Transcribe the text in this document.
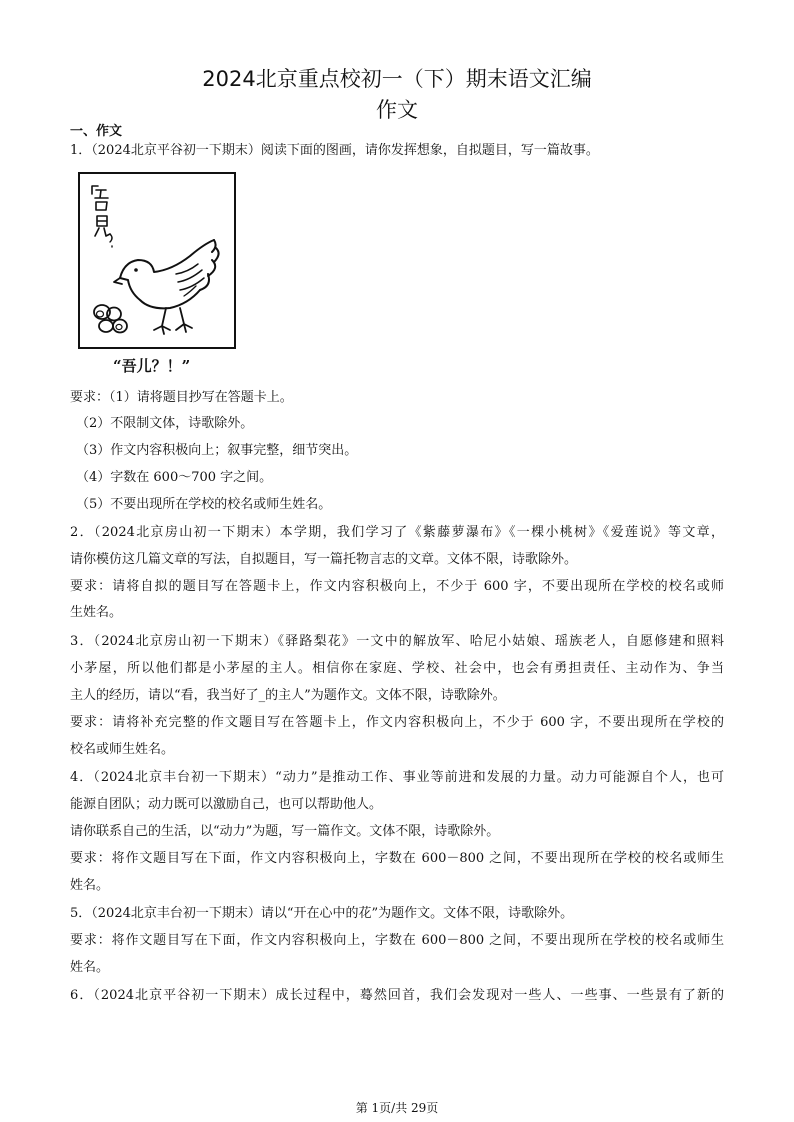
2024北京重点校初一（下）期末语文汇编
作文
一、作文
1．（2024北京平谷初一下期末）阅读下面的图画，请你发挥想象，自拟题目，写一篇故事。
“吾儿？！”
要求：（1）请将题目抄写在答题卡上。
（2）不限制文体，诗歌除外。
（3）作文内容积极向上；叙事完整，细节突出。
（4）字数在 600～700 字之间。
（5）不要出现所在学校的校名或师生姓名。
2．（2024北京房山初一下期末）本学期，我们学习了《紫藤萝瀑布》《一棵小桃树》《爱莲说》等文章，
请你模仿这几篇文章的写法，自拟题目，写一篇托物言志的文章。文体不限，诗歌除外。
要求：请将自拟的题目写在答题卡上，作文内容积极向上，不少于 600 字，不要出现所在学校的校名或师
生姓名。
3．（2024北京房山初一下期末）《驿路梨花》一文中的解放军、哈尼小姑娘、瑶族老人，自愿修建和照料
小茅屋，所以他们都是小茅屋的主人。相信你在家庭、学校、社会中，也会有勇担责任、主动作为、争当
主人的经历，请以“看，我当好了_的主人”为题作文。文体不限，诗歌除外。
要求：请将补充完整的作文题目写在答题卡上，作文内容积极向上，不少于 600 字，不要出现所在学校的
校名或师生姓名。
4．（2024北京丰台初一下期末）“动力”是推动工作、事业等前进和发展的力量。动力可能源自个人，也可
能源自团队；动力既可以激励自己，也可以帮助他人。
请你联系自己的生活，以“动力”为题，写一篇作文。文体不限，诗歌除外。
要求：将作文题目写在下面，作文内容积极向上，字数在 600－800 之间，不要出现所在学校的校名或师生
姓名。
5．（2024北京丰台初一下期末）请以“开在心中的花”为题作文。文体不限，诗歌除外。
要求：将作文题目写在下面，作文内容积极向上，字数在 600－800 之间，不要出现所在学校的校名或师生
姓名。
6．（2024北京平谷初一下期末）成长过程中，蓦然回首，我们会发现对一些人、一些事、一些景有了新的
第 1页/共 29页
